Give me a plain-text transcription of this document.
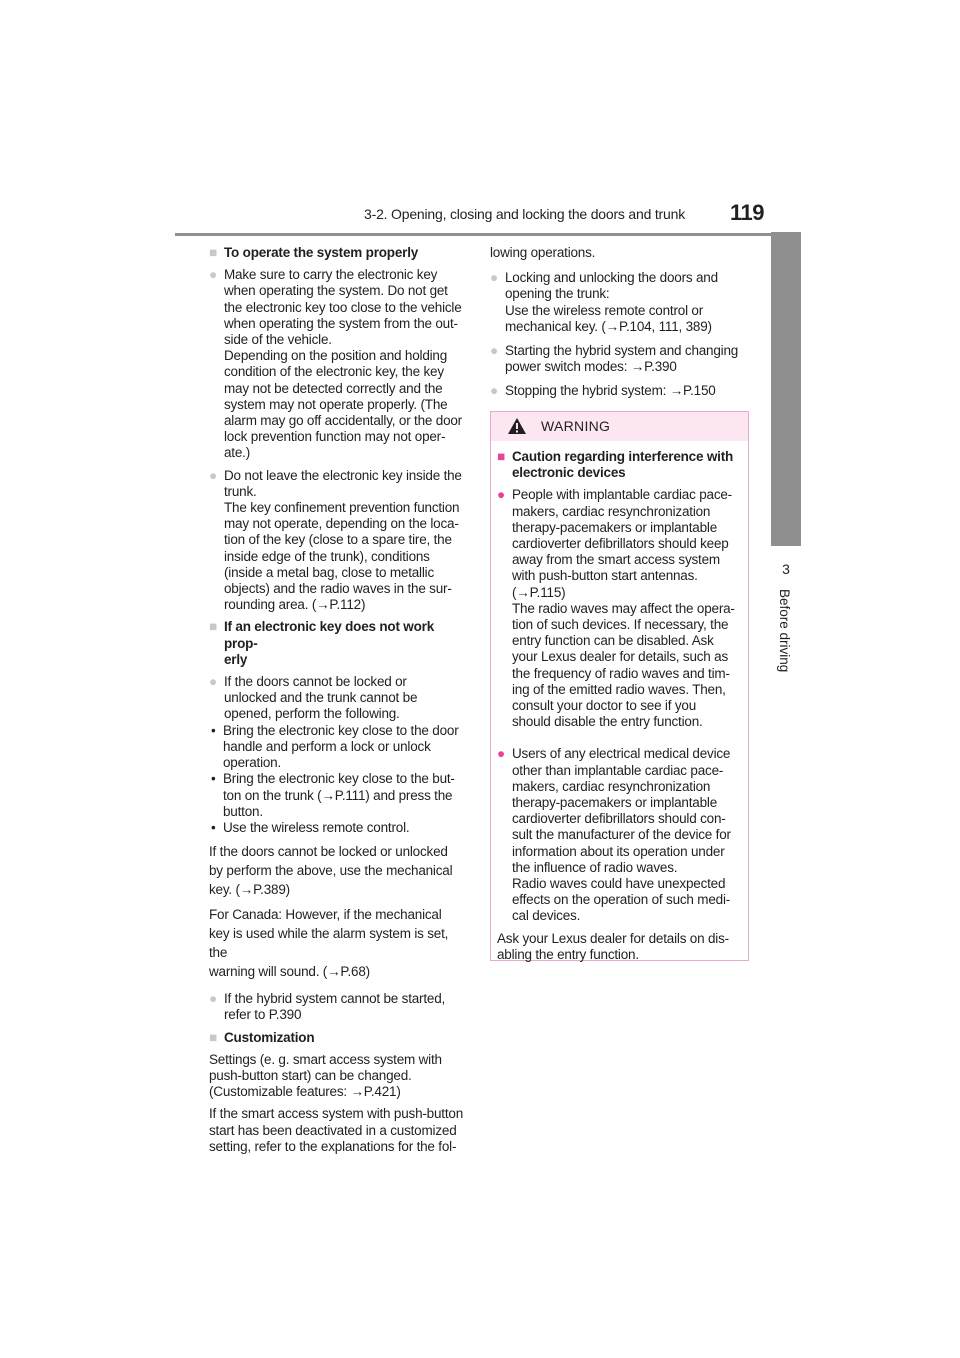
3-2. Opening, closing and locking the doors and trunk 119
3
Before driving
■ To operate the system properly
● Make sure to carry the electronic key
when operating the system. Do not get
the electronic key too close to the vehicle
when operating the system from the out-
side of the vehicle.
Depending on the position and holding
condition of the electronic key, the key
may not be detected correctly and the
system may not operate properly. (The
alarm may go off accidentally, or the door
lock prevention function may not oper-
ate.)
● Do not leave the electronic key inside the
trunk.
The key confinement prevention function
may not operate, depending on the loca-
tion of the key (close to a spare tire, the
inside edge of the trunk), conditions
(inside a metal bag, close to metallic
objects) and the radio waves in the sur-
rounding area. (→P.112)
■ If an electronic key does not work prop-
erly
● If the doors cannot be locked or
unlocked and the trunk cannot be
opened, perform the following.
• Bring the electronic key close to the door
handle and perform a lock or unlock
operation.
• Bring the electronic key close to the but-
ton on the trunk (→P.111) and press the
button.
• Use the wireless remote control.
If the doors cannot be locked or unlocked
by perform the above, use the mechanical
key. (→P.389)
For Canada: However, if the mechanical
key is used while the alarm system is set, the
warning will sound. (→P.68)
● If the hybrid system cannot be started,
refer to P.390
■ Customization
Settings (e. g. smart access system with
push-button start) can be changed.
(Customizable features: →P.421)
If the smart access system with push-button
start has been deactivated in a customized
setting, refer to the explanations for the fol-
lowing operations.
● Locking and unlocking the doors and
opening the trunk:
Use the wireless remote control or
mechanical key. (→P.104, 111, 389)
● Starting the hybrid system and changing
power switch modes: →P.390
● Stopping the hybrid system: →P.150
WARNING
■ Caution regarding interference with
electronic devices
● People with implantable cardiac pace-
makers, cardiac resynchronization
therapy-pacemakers or implantable
cardioverter defibrillators should keep
away from the smart access system
with push-button start antennas.
(→P.115)
The radio waves may affect the opera-
tion of such devices. If necessary, the
entry function can be disabled. Ask
your Lexus dealer for details, such as
the frequency of radio waves and tim-
ing of the emitted radio waves. Then,
consult your doctor to see if you
should disable the entry function.
● Users of any electrical medical device
other than implantable cardiac pace-
makers, cardiac resynchronization
therapy-pacemakers or implantable
cardioverter defibrillators should con-
sult the manufacturer of the device for
information about its operation under
the influence of radio waves.
Radio waves could have unexpected
effects on the operation of such medi-
cal devices.
Ask your Lexus dealer for details on dis-
abling the entry function.
